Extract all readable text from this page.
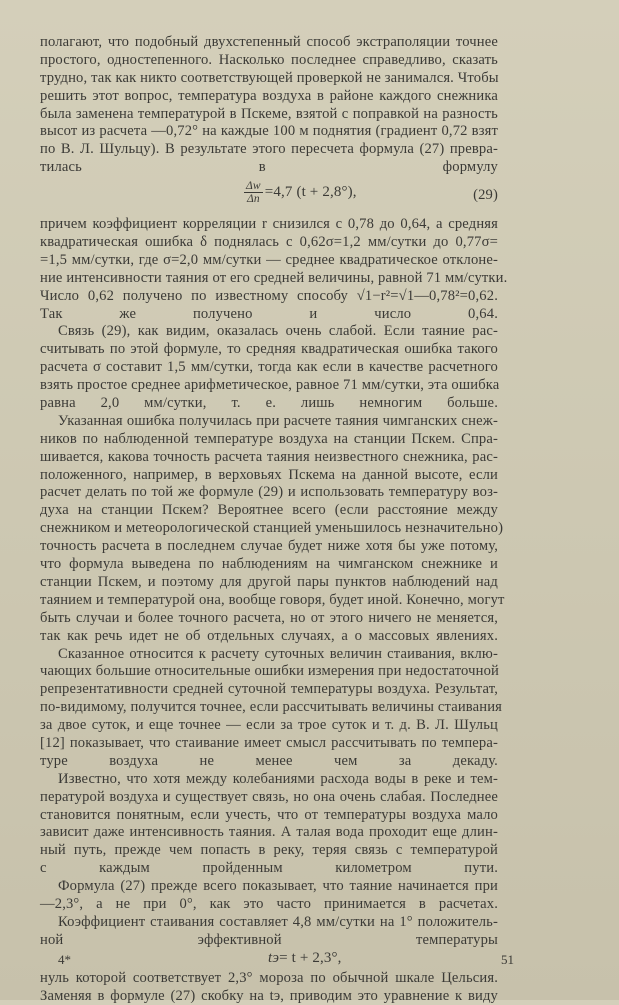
полагают, что подобный двухстепенный способ экстраполяции точнее
простого, одностепенного. Насколько последнее справедливо, сказать
трудно, так как никто соответствующей проверкой не занимался. Чтобы
решить этот вопрос, температура воздуха в районе каждого снежника
была заменена температурой в Пскеме, взятой с поправкой на разность
высот из расчета —0,72° на каждые 100 м поднятия (градиент 0,72 взят
по В. Л. Шульцу). В результате этого пересчета формула (27) превра-
тилась в формулу
$\frac{\Delta w}{\Delta n} =4,7$ (t + 2,8°),	(29)
причем коэффициент корреляции r снизился с 0,78 до 0,64, а средняя
квадратическая ошибка δ поднялась с 0,62σ=1,2 мм/сутки до 0,77σ=
=1,5 мм/сутки, где σ=2,0 мм/сутки — среднее квадратическое отклоне-
ние интенсивности таяния от его средней величины, равной 71 мм/сутки.
Число 0,62 получено по известному способу √1−r²=√1—0,78²=0,62.
Так же получено и число 0,64.
Связь (29), как видим, оказалась очень слабой. Если таяние рас-
считывать по этой формуле, то средняя квадратическая ошибка такого
расчета σ составит 1,5 мм/сутки, тогда как если в качестве расчетного
взять простое среднее арифметическое, равное 71 мм/сутки, эта ошибка
равна 2,0 мм/сутки, т. е. лишь немногим больше.
Указанная ошибка получилась при расчете таяния чимганских снеж-
ников по наблюденной температуре воздуха на станции Пскем. Спра-
шивается, какова точность расчета таяния неизвестного снежника, рас-
положенного, например, в верховьях Пскема на данной высоте, если
расчет делать по той же формуле (29) и использовать температуру воз-
духа на станции Пскем? Вероятнее всего (если расстояние между
снежником и метеорологической станцией уменьшилось незначительно)
точность расчета в последнем случае будет ниже хотя бы уже потому,
что формула выведена по наблюдениям на чимганском снежнике и
станции Пскем, и поэтому для другой пары пунктов наблюдений над
таянием и температурой она, вообще говоря, будет иной. Конечно, могут
быть случаи и более точного расчета, но от этого ничего не меняется,
так как речь идет не об отдельных случаях, а о массовых явлениях.
Сказанное относится к расчету суточных величин стаивания, вклю-
чающих большие относительные ошибки измерения при недостаточной
репрезентативности средней суточной температуры воздуха. Результат,
по-видимому, получится точнее, если рассчитывать величины стаивания
за двое суток, и еще точнее — если за трое суток и т. д. В. Л. Шульц
[12] показывает, что стаивание имеет смысл рассчитывать по темпера-
туре воздуха не менее чем за декаду.
Известно, что хотя между колебаниями расхода воды в реке и тем-
пературой воздуха и существует связь, но она очень слабая. Последнее
становится понятным, если учесть, что от температуры воздуха мало
зависит даже интенсивность таяния. А талая вода проходит еще длин-
ный путь, прежде чем попасть в реку, теряя связь с температурой
с каждым пройденным километром пути.
Формула (27) прежде всего показывает, что таяние начинается при
—2,3°, а не при 0°, как это часто принимается в расчетах.
Коэффициент стаивания составляет 4,8 мм/сутки на 1° положитель-
ной эффективной температуры
tэ= t + 2,3°,
нуль которой соответствует 2,3° мороза по обычной шкале Цельсия.
Заменяя в формуле (27) скобку на tэ, приводим это уравнение к виду
4*	51
